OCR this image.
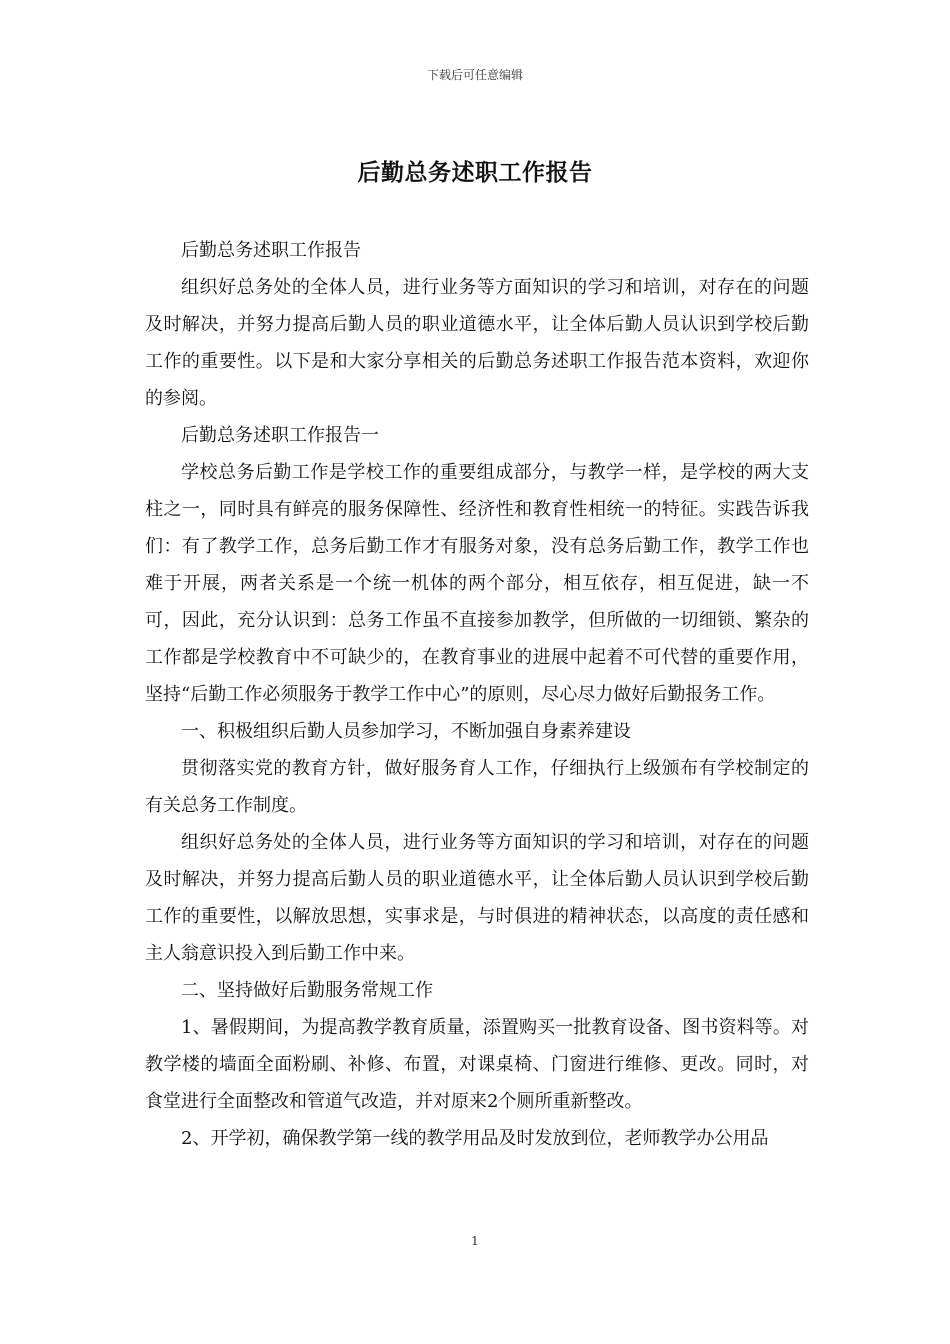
下载后可任意编辑
后勤总务述职工作报告

后勤总务述职工作报告

组织好总务处的全体人员，进行业务等方面知识的学习和培训，对存在的问题及时解决，并努力提高后勤人员的职业道德水平，让全体后勤人员认识到学校后勤工作的重要性。以下是和大家分享相关的后勤总务述职工作报告范本资料，欢迎你的参阅。

后勤总务述职工作报告一

学校总务后勤工作是学校工作的重要组成部分，与教学一样，是学校的两大支柱之一，同时具有鲜亮的服务保障性、经济性和教育性相统一的特征。实践告诉我们：有了教学工作，总务后勤工作才有服务对象，没有总务后勤工作，教学工作也难于开展，两者关系是一个统一机体的两个部分，相互依存，相互促进，缺一不可，因此，充分认识到：总务工作虽不直接参加教学，但所做的一切细锁、繁杂的工作都是学校教育中不可缺少的，在教育事业的进展中起着不可代替的重要作用，坚持“后勤工作必须服务于教学工作中心”的原则，尽心尽力做好后勤报务工作。

一、积极组织后勤人员参加学习，不断加强自身素养建设

贯彻落实党的教育方针，做好服务育人工作，仔细执行上级颁布有学校制定的有关总务工作制度。

组织好总务处的全体人员，进行业务等方面知识的学习和培训，对存在的问题及时解决，并努力提高后勤人员的职业道德水平，让全体后勤人员认识到学校后勤工作的重要性，以解放思想，实事求是，与时俱进的精神状态，以高度的责任感和主人翁意识投入到后勤工作中来。

二、坚持做好后勤服务常规工作

1、暑假期间，为提高教学教育质量，添置购买一批教育设备、图书资料等。对教学楼的墙面全面粉刷、补修、布置，对课桌椅、门窗进行维修、更改。同时，对食堂进行全面整改和管道气改造，并对原来2个厕所重新整改。

2、开学初，确保教学第一线的教学用品及时发放到位，老师教学办公用品

1
